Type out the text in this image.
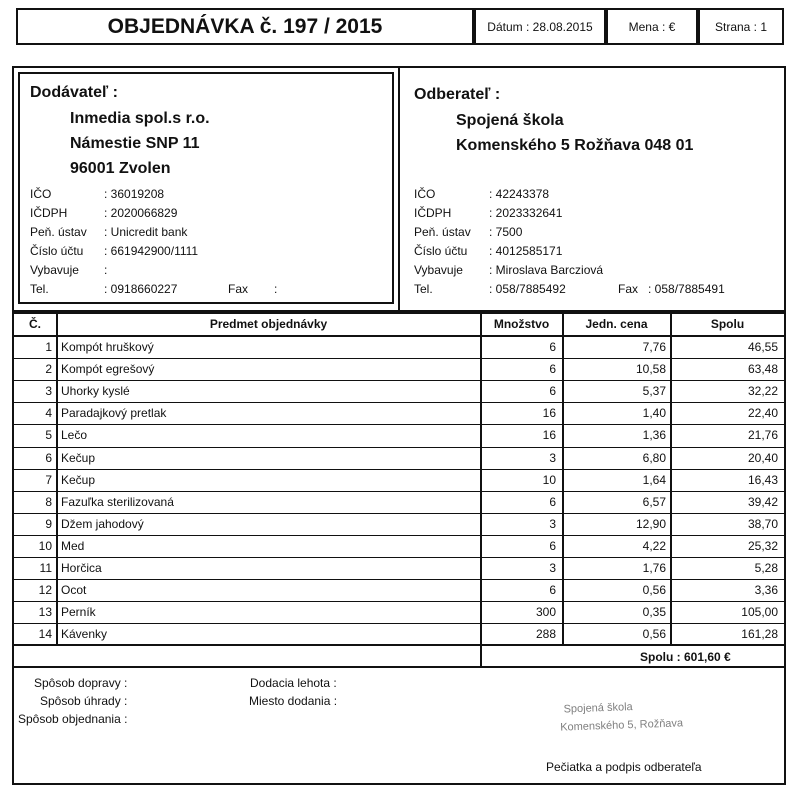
OBJEDNÁVKA č. 197 / 2015	Dátum : 28.08.2015	Mena : €	Strana : 1
Dodávateľ :
Inmedia spol.s r.o.
Námestie SNP 11
96001 Zvolen
IČO	: 36019208
IČDPH	: 2020066829
Peň. ústav : Unicredit bank
Číslo účtu : 661942900/1111
Vybavuje :
Tel.	: 0918660227	Fax :
Odberateľ :
Spojená škola
Komenského 5 Rožňava 048 01
IČO	: 42243378
IČDPH	: 2023332641
Peň. ústav : 7500
Číslo účtu : 4012585171
Vybavuje : Miroslava Barcziová
Tel.	: 058/7885492	Fax : 058/7885491
Č.	Predmet objednávky	Množstvo	Jedn. cena	Spolu
1 Kompót hruškový	6	7,76	46,55
2 Kompót egrešový	6	10,58	63,48
3 Uhorky kyslé	6	5,37	32,22
4 Paradajkový pretlak	16	1,40	22,40
5 Lečo	16	1,36	21,76
6 Kečup	3	6,80	20,40
7 Kečup	10	1,64	16,43
8 Fazuľka sterilizovaná	6	6,57	39,42
9 Džem jahodový	3	12,90	38,70
10 Med	6	4,22	25,32
11 Horčica	3	1,76	5,28
12 Ocot	6	0,56	3,36
13 Perník	300	0,35	105,00
14 Kávenky	288	0,56	161,28
Spolu : 601,60 €
Spôsob dopravy :
Spôsob úhrady :
Spôsob objednania :
Dodacia lehota :
Miesto dodania :
Spojená škola
Komenského 5, Rožňava
Pečiatka a podpis odberateľa
